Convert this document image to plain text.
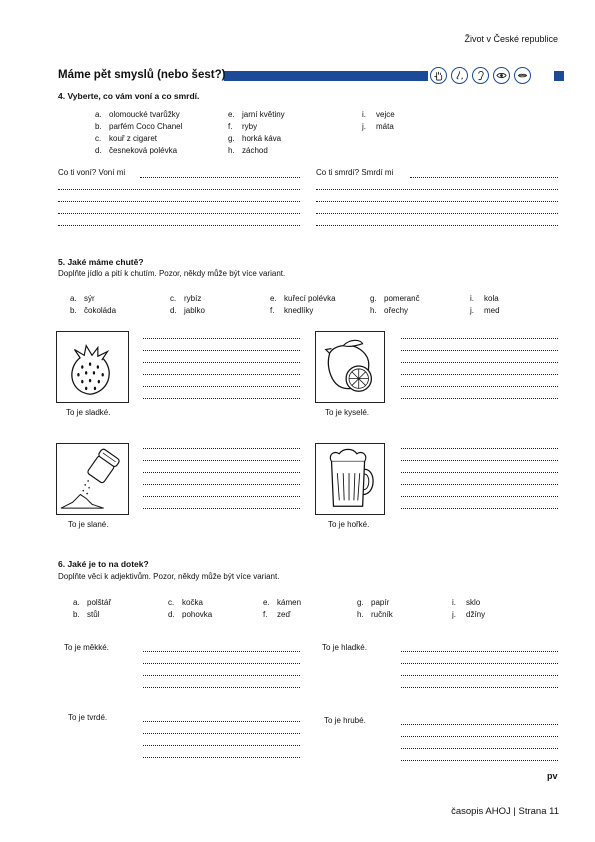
Život v České republice
Máme pět smyslů (nebo šest?)
4. Vyberte, co vám voní a co smrdí.
a. olomoucké tvarůžky
b. parfém Coco Chanel
c. kouř z cigaret
d. česneková polévka
e. jarní květiny
f. ryby
g. horká káva
h. záchod
i. vejce
j. máta
Co ti voní? Voní mi	Co ti smrdí? Smrdí mi
5. Jaké máme chutě?
Doplňte jídlo a pití k chutím. Pozor, někdy může být více variant.
a. sýr
b. čokoláda
c. rybíz
d. jablko
e. kuřecí polévka
f. knedlíky
g. pomeranč
h. ořechy
i. kola
j. med
To je sladké.	To je kyselé.
To je slané.	To je hořké.
6. Jaké je to na dotek?
Doplňte věci k adjektivům. Pozor, někdy může být více variant.
a. polštář
b. stůl
c. kočka
d. pohovka
e. kámen
f. zeď
g. papír
h. ručník
i. sklo
j. džíny
To je měkké.	To je hladké.
To je tvrdé.	To je hrubé.
pv
časopis AHOJ | Strana 11
